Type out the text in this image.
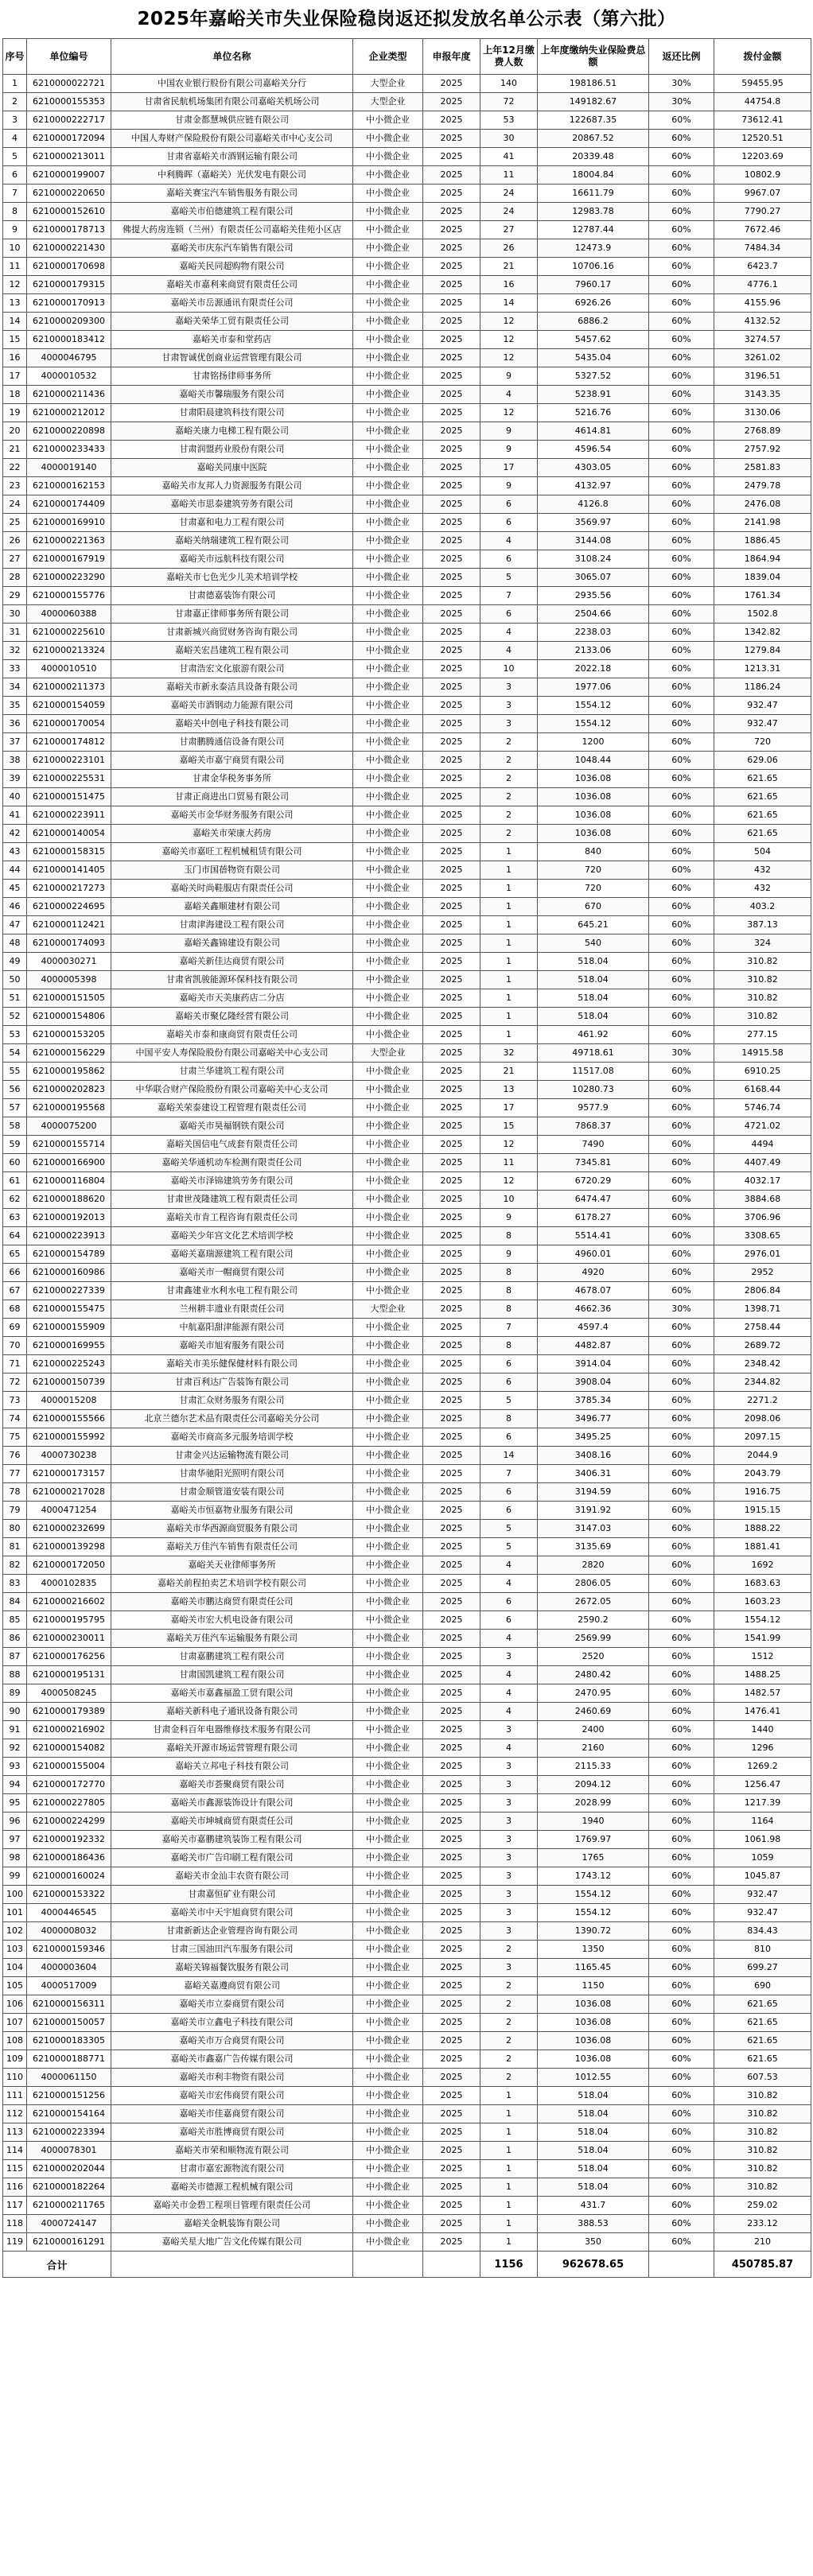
2025年嘉峪关市失业保险稳岗返还拟发放名单公示表（第六批）
序号	单位编号	单位名称	企业类型	申报年度	上年12月缴费人数	上年度缴纳失业保险费总额	返还比例	拨付金额
1	6210000022721	中国农业银行股份有限公司嘉峪关分行	大型企业	2025	140	198186.51	30%	59455.95
2	6210000155353	甘肃省民航机场集团有限公司嘉峪关机场公司	大型企业	2025	72	149182.67	30%	44754.8
3	6210000222717	甘肃金都慧城供应链有限公司	中小微企业	2025	53	122687.35	60%	73612.41
4	6210000172094	中国人寿财产保险股份有限公司嘉峪关市中心支公司	中小微企业	2025	30	20867.52	60%	12520.51
5	6210000213011	甘肃省嘉峪关市酒钢运输有限公司	中小微企业	2025	41	20339.48	60%	12203.69
6	6210000199007	中利腾晖（嘉峪关）光伏发电有限公司	中小微企业	2025	11	18004.84	60%	10802.9
7	6210000220650	嘉峪关赛宝汽车销售服务有限公司	中小微企业	2025	24	16611.79	60%	9967.07
8	6210000152610	嘉峪关市伯德建筑工程有限公司	中小微企业	2025	24	12983.78	60%	7790.27
9	6210000178713	佛提大药房连锁（兰州）有限责任公司嘉峪关佳苑小区店	中小微企业	2025	27	12787.44	60%	7672.46
10	6210000221430	嘉峪关市庆东汽车销售有限公司	中小微企业	2025	26	12473.9	60%	7484.34
11	6210000170698	嘉峪关民同超购物有限公司	中小微企业	2025	21	10706.16	60%	6423.7
12	6210000179315	嘉峪关市嘉利来商贸有限责任公司	中小微企业	2025	16	7960.17	60%	4776.1
13	6210000170913	嘉峪关市岳源通讯有限责任公司	中小微企业	2025	14	6926.26	60%	4155.96
14	6210000209300	嘉峪关荣华工贸有限责任公司	中小微企业	2025	12	6886.2	60%	4132.52
15	6210000183412	嘉峪关市泰和堂药店	中小微企业	2025	12	5457.62	60%	3274.57
16	4000046795	甘肃智诚优创商业运营管理有限公司	中小微企业	2025	12	5435.04	60%	3261.02
17	4000010532	甘肃铭扬律师事务所	中小微企业	2025	9	5327.52	60%	3196.51
18	6210000211436	嘉峪关市馨瑞服务有限公司	中小微企业	2025	4	5238.91	60%	3143.35
19	6210000212012	甘肃阳晨建筑科技有限公司	中小微企业	2025	12	5216.76	60%	3130.06
20	6210000220898	嘉峪关康力电梯工程有限公司	中小微企业	2025	9	4614.81	60%	2768.89
21	6210000233433	甘肃润盟药业股份有限公司	中小微企业	2025	9	4596.54	60%	2757.92
22	4000019140	嘉峪关同康中医院	中小微企业	2025	17	4303.05	60%	2581.83
23	6210000162153	嘉峪关市友邦人力资源服务有限公司	中小微企业	2025	9	4132.97	60%	2479.78
24	6210000174409	嘉峪关市思泰建筑劳务有限公司	中小微企业	2025	6	4126.8	60%	2476.08
25	6210000169910	甘肃嘉和电力工程有限公司	中小微企业	2025	6	3569.97	60%	2141.98
26	6210000221363	嘉峪关纳瑞建筑工程有限公司	中小微企业	2025	4	3144.08	60%	1886.45
27	6210000167919	嘉峪关市远航科技有限公司	中小微企业	2025	6	3108.24	60%	1864.94
28	6210000223290	嘉峪关市七色光少儿美术培训学校	中小微企业	2025	5	3065.07	60%	1839.04
29	6210000155776	甘肃德嘉装饰有限公司	中小微企业	2025	7	2935.56	60%	1761.34
30	4000060388	甘肃嘉正律师事务所有限公司	中小微企业	2025	6	2504.66	60%	1502.8
31	6210000225610	甘肃新城兴商贸财务咨询有限公司	中小微企业	2025	4	2238.03	60%	1342.82
32	6210000213324	嘉峪关宏昌建筑工程有限公司	中小微企业	2025	4	2133.06	60%	1279.84
33	4000010510	甘肃浩宏文化旅游有限公司	中小微企业	2025	10	2022.18	60%	1213.31
34	6210000211373	嘉峪关市新永泰洁具设备有限公司	中小微企业	2025	3	1977.06	60%	1186.24
35	6210000154059	嘉峪关市酒钢动力能源有限公司	中小微企业	2025	3	1554.12	60%	932.47
36	6210000170054	嘉峪关中创电子科技有限公司	中小微企业	2025	3	1554.12	60%	932.47
37	6210000174812	甘肃鹏腾通信设备有限公司	中小微企业	2025	2	1200	60%	720
38	6210000223101	嘉峪关市嘉宁商贸有限公司	中小微企业	2025	2	1048.44	60%	629.06
39	6210000225531	甘肃金华税务事务所	中小微企业	2025	2	1036.08	60%	621.65
40	6210000151475	甘肃正商进出口贸易有限公司	中小微企业	2025	2	1036.08	60%	621.65
41	6210000223911	嘉峪关市金华财务服务有限公司	中小微企业	2025	2	1036.08	60%	621.65
42	6210000140054	嘉峪关市荣康大药房	中小微企业	2025	2	1036.08	60%	621.65
43	6210000158315	嘉峪关市嘉旺工程机械租赁有限公司	中小微企业	2025	1	840	60%	504
44	6210000141405	玉门市国蓓物资有限公司	中小微企业	2025	1	720	60%	432
45	6210000217273	嘉峪关时尚鞋服店有限责任公司	中小微企业	2025	1	720	60%	432
46	6210000224695	嘉峪关鑫顺建材有限公司	中小微企业	2025	1	670	60%	403.2
47	6210000112421	甘肃津海建设工程有限公司	中小微企业	2025	1	645.21	60%	387.13
48	6210000174093	嘉峪关鑫锦建设有限公司	中小微企业	2025	1	540	60%	324
49	4000030271	嘉峪关新佳达商贸有限公司	中小微企业	2025	1	518.04	60%	310.82
50	4000005398	甘肃省凯骏能源环保科技有限公司	中小微企业	2025	1	518.04	60%	310.82
51	6210000151505	嘉峪关市天美康药店二分店	中小微企业	2025	1	518.04	60%	310.82
52	6210000154806	嘉峪关市聚亿隆经营有限公司	中小微企业	2025	1	518.04	60%	310.82
53	6210000153205	嘉峪关市泰和康商贸有限责任公司	中小微企业	2025	1	461.92	60%	277.15
54	6210000156229	中国平安人寿保险股份有限公司嘉峪关中心支公司	大型企业	2025	32	49718.61	30%	14915.58
55	6210000195862	甘肃兰华建筑工程有限公司	中小微企业	2025	21	11517.08	60%	6910.25
56	6210000202823	中华联合财产保险股份有限公司嘉峪关中心支公司	中小微企业	2025	13	10280.73	60%	6168.44
57	6210000195568	嘉峪关荣泰建设工程管理有限责任公司	中小微企业	2025	17	9577.9	60%	5746.74
58	4000075200	嘉峪关市昊福钢铁有限公司	中小微企业	2025	15	7868.37	60%	4721.02
59	6210000155714	嘉峪关国信电气成套有限责任公司	中小微企业	2025	12	7490	60%	4494
60	6210000166900	嘉峪关华通机动车检测有限责任公司	中小微企业	2025	11	7345.81	60%	4407.49
61	6210000116804	嘉峪关市泽锦建筑劳务有限公司	中小微企业	2025	12	6720.29	60%	4032.17
62	6210000188620	甘肃世茂隆建筑工程有限责任公司	中小微企业	2025	10	6474.47	60%	3884.68
63	6210000192013	嘉峪关市肯工程咨询有限责任公司	中小微企业	2025	9	6178.27	60%	3706.96
64	6210000223913	嘉峪关少年宫文化艺术培训学校	中小微企业	2025	8	5514.41	60%	3308.65
65	6210000154789	嘉峪关嘉瑞源建筑工程有限公司	中小微企业	2025	9	4960.01	60%	2976.01
66	6210000160986	嘉峪关市一帽商贸有限公司	中小微企业	2025	8	4920	60%	2952
67	6210000227339	甘肃鑫建业水利水电工程有限公司	中小微企业	2025	8	4678.07	60%	2806.84
68	6210000155475	兰州耕丰遗业有限责任公司	大型企业	2025	8	4662.36	30%	1398.71
69	6210000155909	中航嘉阳甜津能源有限公司	中小微企业	2025	7	4597.4	60%	2758.44
70	6210000169955	嘉峪关市旭宥服务有限公司	中小微企业	2025	8	4482.87	60%	2689.72
71	6210000225243	嘉峪关市美乐健保健材料有限公司	中小微企业	2025	6	3914.04	60%	2348.42
72	6210000150739	甘肃百利达广告装饰有限公司	中小微企业	2025	6	3908.04	60%	2344.82
73	4000015208	甘肃汇众财务服务有限公司	中小微企业	2025	5	3785.34	60%	2271.2
74	6210000155566	北京兰德尔艺术品有限责任公司嘉峪关分公司	中小微企业	2025	8	3496.77	60%	2098.06
75	6210000155992	嘉峪关市商高多元服务培训学校	中小微企业	2025	6	3495.25	60%	2097.15
76	4000730238	甘肃金兴达运输物流有限公司	中小微企业	2025	14	3408.16	60%	2044.9
77	6210000173157	甘肃华驰阳光照明有限公司	中小微企业	2025	7	3406.31	60%	2043.79
78	6210000217028	甘肃金顺管道安装有限公司	中小微企业	2025	6	3194.59	60%	1916.75
79	4000471254	嘉峪关市恒嘉物业服务有限公司	中小微企业	2025	6	3191.92	60%	1915.15
80	6210000232699	嘉峪关市华西源商贸服务有限公司	中小微企业	2025	5	3147.03	60%	1888.22
81	6210000139298	嘉峪关万佳汽车销售有限责任公司	中小微企业	2025	5	3135.69	60%	1881.41
82	6210000172050	嘉峪关天业律师事务所	中小微企业	2025	4	2820	60%	1692
83	4000102835	嘉峪关前程拍卖艺术培训学校有限公司	中小微企业	2025	4	2806.05	60%	1683.63
84	6210000216602	嘉峪关市鹏达商贸有限责任公司	中小微企业	2025	6	2672.05	60%	1603.23
85	6210000195795	嘉峪关市宏大机电设备有限公司	中小微企业	2025	6	2590.2	60%	1554.12
86	6210000230011	嘉峪关万佳汽车运输服务有限公司	中小微企业	2025	4	2569.99	60%	1541.99
87	6210000176256	甘肃嘉鹏建筑工程有限公司	中小微企业	2025	3	2520	60%	1512
88	6210000195131	甘肃国凯建筑工程有限公司	中小微企业	2025	4	2480.42	60%	1488.25
89	4000508245	嘉峪关市嘉鑫福盈工贸有限公司	中小微企业	2025	4	2470.95	60%	1482.57
90	6210000179389	嘉峪关新科电子通讯设备有限公司	中小微企业	2025	4	2460.69	60%	1476.41
91	6210000216902	甘肃金科百年电器维修技术服务有限公司	中小微企业	2025	3	2400	60%	1440
92	6210000154082	嘉峪关开源市场运营管理有限公司	中小微企业	2025	4	2160	60%	1296
93	6210000155004	嘉峪关立邦电子科技有限公司	中小微企业	2025	3	2115.33	60%	1269.2
94	6210000172770	嘉峪关市荟聚商贸有限公司	中小微企业	2025	3	2094.12	60%	1256.47
95	6210000227805	嘉峪关市鑫源装饰设计有限公司	中小微企业	2025	3	2028.99	60%	1217.39
96	6210000224299	嘉峪关市坤城商贸有限责任公司	中小微企业	2025	3	1940	60%	1164
97	6210000192332	嘉峪关市嘉鹏建筑装饰工程有限公司	中小微企业	2025	3	1769.97	60%	1061.98
98	6210000186436	嘉峪关市广告印刷工程有限公司	中小微企业	2025	3	1765	60%	1059
99	6210000160024	嘉峪关市金汕丰农资有限公司	中小微企业	2025	3	1743.12	60%	1045.87
100	6210000153322	甘肃嘉恒矿业有限公司	中小微企业	2025	3	1554.12	60%	932.47
101	4000446545	嘉峪关市中天宇旭商贸有限公司	中小微企业	2025	3	1554.12	60%	932.47
102	4000008032	甘肃新新达企业管理咨询有限公司	中小微企业	2025	3	1390.72	60%	834.43
103	6210000159346	甘肃三国油田汽车服务有限公司	中小微企业	2025	2	1350	60%	810
104	4000003604	嘉峪关锦福餐饮服务有限公司	中小微企业	2025	3	1165.45	60%	699.27
105	4000517009	嘉峪关嘉遵商贸有限公司	中小微企业	2025	2	1150	60%	690
106	6210000156311	嘉峪关市立泰商贸有限公司	中小微企业	2025	2	1036.08	60%	621.65
107	6210000150057	嘉峪关市立鑫电子科技有限公司	中小微企业	2025	2	1036.08	60%	621.65
108	6210000183305	嘉峪关市万合商贸有限公司	中小微企业	2025	2	1036.08	60%	621.65
109	6210000188771	嘉峪关市鑫嘉广告传媒有限公司	中小微企业	2025	2	1036.08	60%	621.65
110	4000061150	嘉峪关市利丰物资有限公司	中小微企业	2025	2	1012.55	60%	607.53
111	6210000151256	嘉峪关市宏伟商贸有限公司	中小微企业	2025	1	518.04	60%	310.82
112	6210000154164	嘉峪关市佳嘉商贸有限公司	中小微企业	2025	1	518.04	60%	310.82
113	6210000223394	嘉峪关市胜博商贸有限公司	中小微企业	2025	1	518.04	60%	310.82
114	4000078301	嘉峪关市荣和顺物流有限公司	中小微企业	2025	1	518.04	60%	310.82
115	6210000202044	甘肃市嘉宏源物流有限公司	中小微企业	2025	1	518.04	60%	310.82
116	6210000182264	嘉峪关市德源工程机械有限公司	中小微企业	2025	1	518.04	60%	310.82
117	6210000211765	嘉峪关市金碧工程项目管理有限责任公司	中小微企业	2025	1	431.7	60%	259.02
118	4000724147	嘉峪关金帆装饰有限公司	中小微企业	2025	1	388.53	60%	233.12
119	6210000161291	嘉峪关星大地广告文化传媒有限公司	中小微企业	2025	1	350	60%	210
合计					1156	962678.65		450785.87
